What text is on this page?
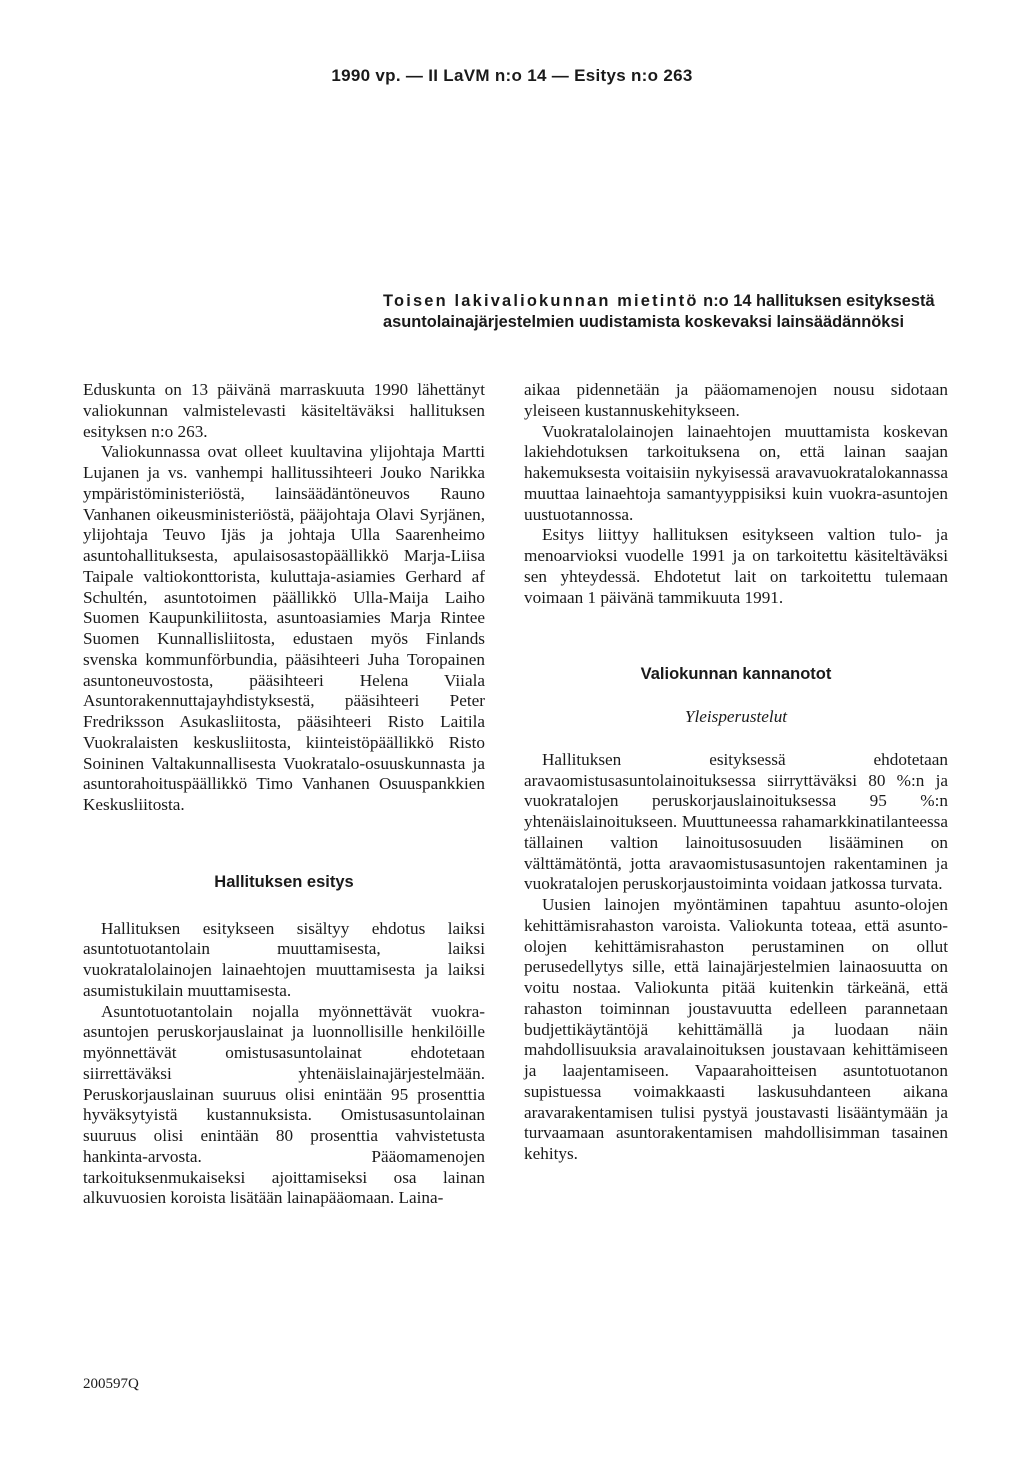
1990 vp. — II LaVM n:o 14 — Esitys n:o 263
Toisen lakivaliokunnan mietintö n:o 14 hallituksen esityksestä asuntolainajärjestelmien uudistamista koskevaksi lainsäädännöksi

Eduskunta on 13 päivänä marraskuuta 1990 lähettänyt valiokunnan valmistelevasti käsiteltäväksi hallituksen esityksen n:o 263.

Valiokunnassa ovat olleet kuultavina ylijohtaja Martti Lujanen ja vs. vanhempi hallitussihteeri Jouko Narikka ympäristöministeriöstä, lainsäädäntöneuvos Rauno Vanhanen oikeusministeriöstä, pääjohtaja Olavi Syrjänen, ylijohtaja Teuvo Ijäs ja johtaja Ulla Saarenheimo asuntohallituksesta, apulaisosastopäällikkö Marja-Liisa Taipale valtiokonttorista, kuluttaja-asiamies Gerhard af Schultén, asuntotoimen päällikkö Ulla-Maija Laiho Suomen Kaupunkiliitosta, asuntoasiamies Marja Rintee Suomen Kunnallisliitosta, edustaen myös Finlands svenska kommunförbundia, pääsihteeri Juha Toropainen asuntoneuvostosta, pääsihteeri Helena Viiala Asuntorakennuttajayhdistyksestä, pääsihteeri Peter Fredriksson Asukasliitosta, pääsihteeri Risto Laitila Vuokralaisten keskusliitosta, kiinteistöpäällikkö Risto Soininen Valtakunnallisesta Vuokratalo-osuuskunnasta ja asuntorahoituspäällikkö Timo Vanhanen Osuuspankkien Keskusliitosta.

Hallituksen esitys

Hallituksen esitykseen sisältyy ehdotus laiksi asuntotuotantolain muuttamisesta, laiksi vuokratalolainojen lainaehtojen muuttamisesta ja laiksi asumistukilain muuttamisesta.

Asuntotuotantolain nojalla myönnettävät vuokra-asuntojen peruskorjauslainat ja luonnollisille henkilöille myönnettävät omistusasuntolainat ehdotetaan siirrettäväksi yhtenäislainajärjestelmään. Peruskorjauslainan suuruus olisi enintään 95 prosenttia hyväksytyistä kustannuksista. Omistusasuntolainan suuruus olisi enintään 80 prosenttia vahvistetusta hankinta-arvosta. Pääomamenojen tarkoituksenmukaiseksi ajoittamiseksi osa lainan alkuvuosien koroista lisätään lainapääomaan. Laina-

aikaa pidennetään ja pääomamenojen nousu sidotaan yleiseen kustannuskehitykseen.

Vuokratalolainojen lainaehtojen muuttamista koskevan lakiehdotuksen tarkoituksena on, että lainan saajan hakemuksesta voitaisiin nykyisessä aravavuokratalokannassa muuttaa lainaehtoja samantyyppisiksi kuin vuokra-asuntojen uustuotannossa.

Esitys liittyy hallituksen esitykseen valtion tulo- ja menoarvioksi vuodelle 1991 ja on tarkoitettu käsiteltäväksi sen yhteydessä. Ehdotetut lait on tarkoitettu tulemaan voimaan 1 päivänä tammikuuta 1991.

Valiokunnan kannanotot
Yleisperustelut

Hallituksen esityksessä ehdotetaan aravaomistusasuntolainoituksessa siirryttäväksi 80 %:n ja vuokratalojen peruskorjauslainoituksessa 95 %:n yhtenäislainoitukseen. Muuttuneessa rahamarkkinatilanteessa tällainen valtion lainoitusosuuden lisääminen on välttämätöntä, jotta aravaomistusasuntojen rakentaminen ja vuokratalojen peruskorjaustoiminta voidaan jatkossa turvata.

Uusien lainojen myöntäminen tapahtuu asunto-olojen kehittämisrahaston varoista. Valiokunta toteaa, että asunto-olojen kehittämisrahaston perustaminen on ollut perusedellytys sille, että lainajärjestelmien lainaosuutta on voitu nostaa. Valiokunta pitää kuitenkin tärkeänä, että rahaston toiminnan joustavuutta edelleen parannetaan budjettikäytäntöjä kehittämällä ja luodaan näin mahdollisuuksia aravalainoituksen joustavaan kehittämiseen ja laajentamiseen. Vapaarahoitteisen asuntotuotanon supistuessa voimakkaasti laskusuhdanteen aikana aravarakentamisen tulisi pystyä joustavasti lisääntymään ja turvaamaan asuntorakentamisen mahdollisimman tasainen kehitys.

200597Q
